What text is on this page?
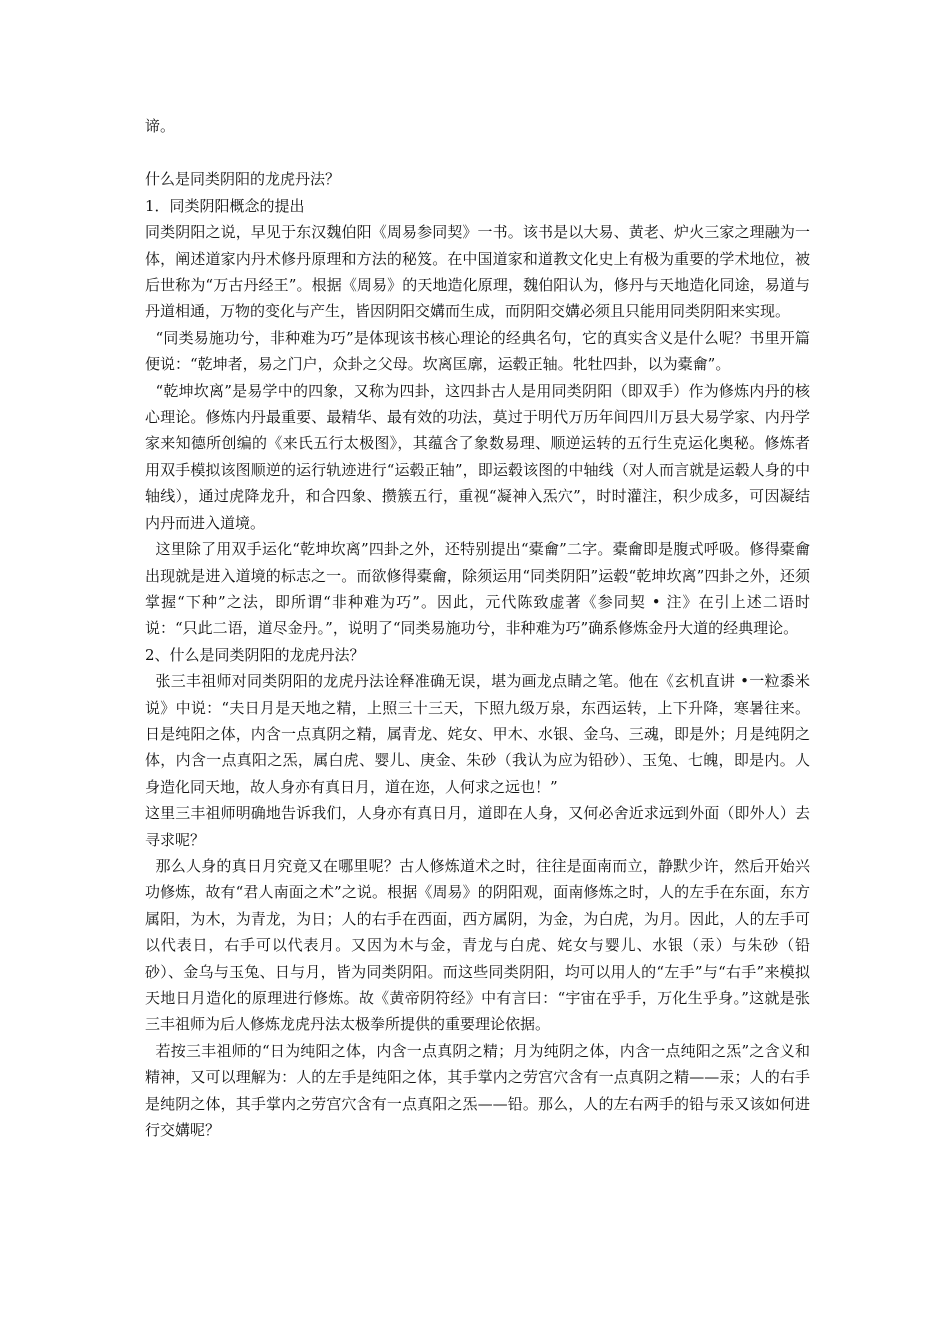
谛。

什么是同类阴阳的龙虎丹法？

1．同类阴阳概念的提出

同类阴阳之说，早见于东汉魏伯阳《周易参同契》一书。该书是以大易、黄老、炉火三家之理融为一体，阐述道家内丹术修丹原理和方法的秘笈。在中国道家和道教文化史上有极为重要的学术地位，被后世称为“万古丹经王”。根据《周易》的天地造化原理，魏伯阳认为，修丹与天地造化同途，易道与丹道相通，万物的变化与产生，皆因阴阳交媾而生成，而阴阳交媾必须且只能用同类阴阳来实现。

“同类易施功兮，非种难为巧”是体现该书核心理论的经典名句，它的真实含义是什么呢？书里开篇便说：“乾坤者，易之门户，众卦之父母。坎离匡廓，运毂正轴。牝牡四卦，以为橐龠”。

“乾坤坎离”是易学中的四象，又称为四卦，这四卦古人是用同类阴阳（即双手）作为修炼内丹的核心理论。修炼内丹最重要、最精华、最有效的功法，莫过于明代万历年间四川万县大易学家、内丹学家来知德所创编的《来氏五行太极图》，其蕴含了象数易理、顺逆运转的五行生克运化奥秘。修炼者用双手模拟该图顺逆的运行轨迹进行“运毂正轴”，即运毂该图的中轴线（对人而言就是运毂人身的中轴线），通过虎降龙升，和合四象、攒簇五行，重视“凝神入炁穴”，时时灌注，积少成多，可因凝结内丹而进入道境。

这里除了用双手运化“乾坤坎离”四卦之外，还特别提出“橐龠”二字。橐龠即是腹式呼吸。修得橐龠出现就是进入道境的标志之一。而欲修得橐龠，除须运用“同类阴阳”运毂“乾坤坎离”四卦之外，还须掌握“下种”之法，即所谓“非种难为巧”。因此，元代陈致虚著《参同契 • 注》在引上述二语时说：“只此二语，道尽金丹。”，说明了“同类易施功兮，非种难为巧”确系修炼金丹大道的经典理论。

2、什么是同类阴阳的龙虎丹法？

张三丰祖师对同类阴阳的龙虎丹法诠释准确无误，堪为画龙点睛之笔。他在《玄机直讲 •一粒黍米说》中说：“夫日月是天地之精，上照三十三天，下照九级万泉，东西运转，上下升降，寒暑往来。日是纯阳之体，内含一点真阴之精，属青龙、姹女、甲木、水银、金乌、三魂，即是外；月是纯阴之体，内含一点真阳之炁，属白虎、婴儿、庚金、朱砂（我认为应为铅砂）、玉兔、七魄，即是内。人身造化同天地，故人身亦有真日月，道在迩，人何求之远也！”

这里三丰祖师明确地告诉我们，人身亦有真日月，道即在人身，又何必舍近求远到外面（即外人）去寻求呢？

那么人身的真日月究竟又在哪里呢？古人修炼道术之时，往往是面南而立，静默少许，然后开始兴功修炼，故有“君人南面之术”之说。根据《周易》的阴阳观，面南修炼之时，人的左手在东面，东方属阳，为木，为青龙，为日；人的右手在西面，西方属阴，为金，为白虎，为月。因此，人的左手可以代表日，右手可以代表月。又因为木与金，青龙与白虎、姹女与婴儿、水银（汞）与朱砂（铅砂）、金乌与玉兔、日与月，皆为同类阴阳。而这些同类阴阳，均可以用人的“左手”与“右手”来模拟天地日月造化的原理进行修炼。故《黄帝阴符经》中有言曰：“宇宙在乎手，万化生乎身。”这就是张三丰祖师为后人修炼龙虎丹法太极拳所提供的重要理论依据。

若按三丰祖师的“日为纯阳之体，内含一点真阴之精；月为纯阴之体，内含一点纯阳之炁”之含义和精神，又可以理解为：人的左手是纯阳之体，其手掌内之劳宫穴含有一点真阴之精——汞；人的右手是纯阴之体，其手掌内之劳宫穴含有一点真阳之炁——铅。那么，人的左右两手的铅与汞又该如何进行交媾呢？
